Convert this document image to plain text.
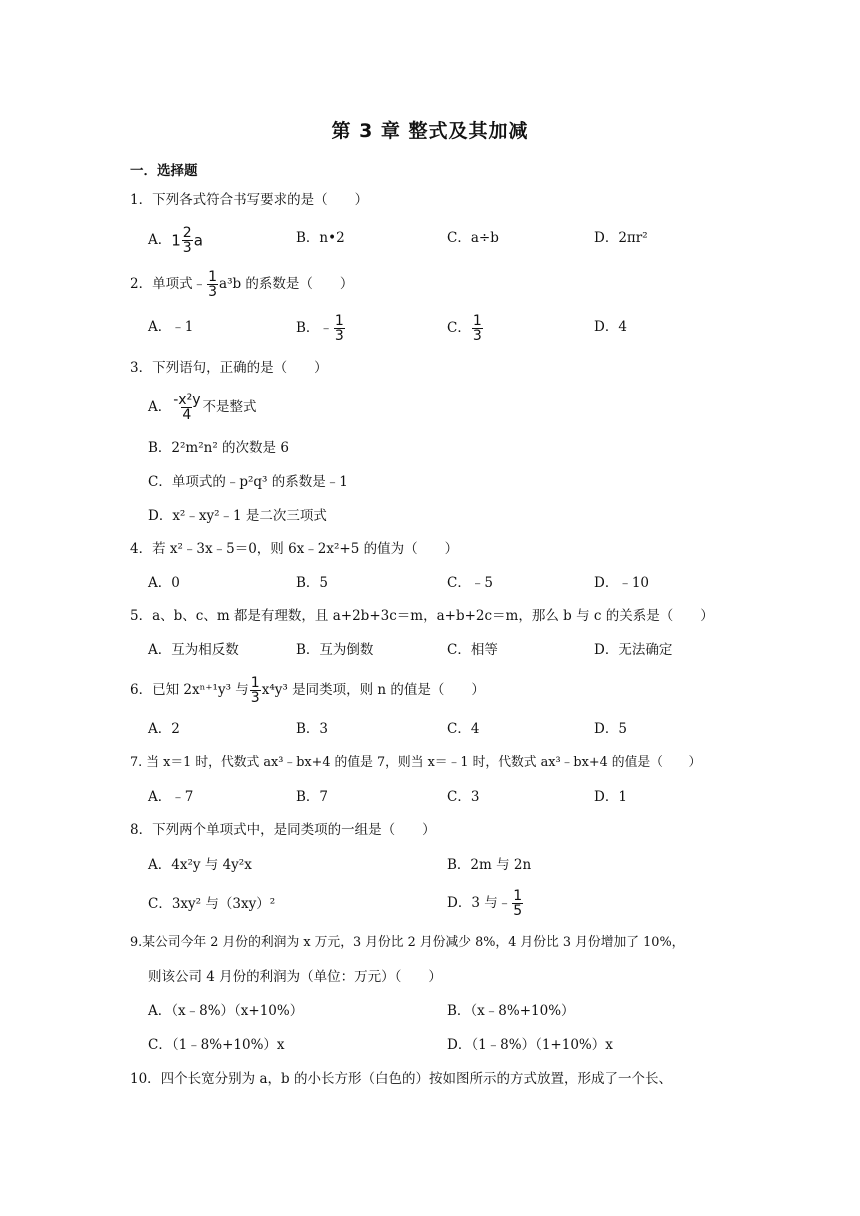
第 3 章 整式及其加减
一．选择题
1．下列各式符合书写要求的是（　　）
A．$1 \frac{2}{3}$ a	B．n•2	C．a÷b	D．2πr²
2．单项式﹣ $\frac{1}{3} a^3b$ 的系数是（　　）
A．﹣1	B．﹣ $\frac{1}{3}$	C． $\frac{1}{3}$	D．4
3．下列语句，正确的是（　　）
A． $\frac{\text{-x²y}}{4}$ 不是整式
B．2²m²n² 的次数是 6
C．单项式的﹣p²q³ 的系数是﹣1
D．x²﹣xy²﹣1 是二次三项式
4．若 x²﹣3x﹣5＝0，则 6x﹣2x²+5 的值为（　　）
A．0	B．5	C．﹣5	D．﹣10
5．a、b、c、m 都是有理数，且 a+2b+3c＝m，a+b+2c＝m，那么 b 与 c 的关系是（　　）
A．互为相反数	B．互为倒数	C．相等	D．无法确定
6．已知 2xⁿ⁺¹y³ 与 $\frac{1}{3} x^4y^3$ 是同类项，则 n 的值是（　　）
A．2	B．3	C．4	D．5
7. 当 x＝1 时，代数式 ax³﹣bx+4 的值是 7，则当 x＝﹣1 时，代数式 ax³﹣bx+4 的值是（　　）
A．﹣7	B．7	C．3	D．1
8．下列两个单项式中，是同类项的一组是（　　）
A．4x²y 与 4y²x	B．2m 与 2n
C．3xy² 与（3xy）²	D．3 与﹣ $\frac{1}{5}$
9.某公司今年 2 月份的利润为 x 万元，3 月份比 2 月份减少 8%，4 月份比 3 月份增加了 10%，
则该公司 4 月份的利润为（单位：万元）（　　）
A．（x﹣8%）（x+10%）	B．（x﹣8%+10%）
C．（1﹣8%+10%）x	D．（1﹣8%）（1+10%）x
10．四个长宽分别为 a，b 的小长方形（白色的）按如图所示的方式放置，形成了一个长、
